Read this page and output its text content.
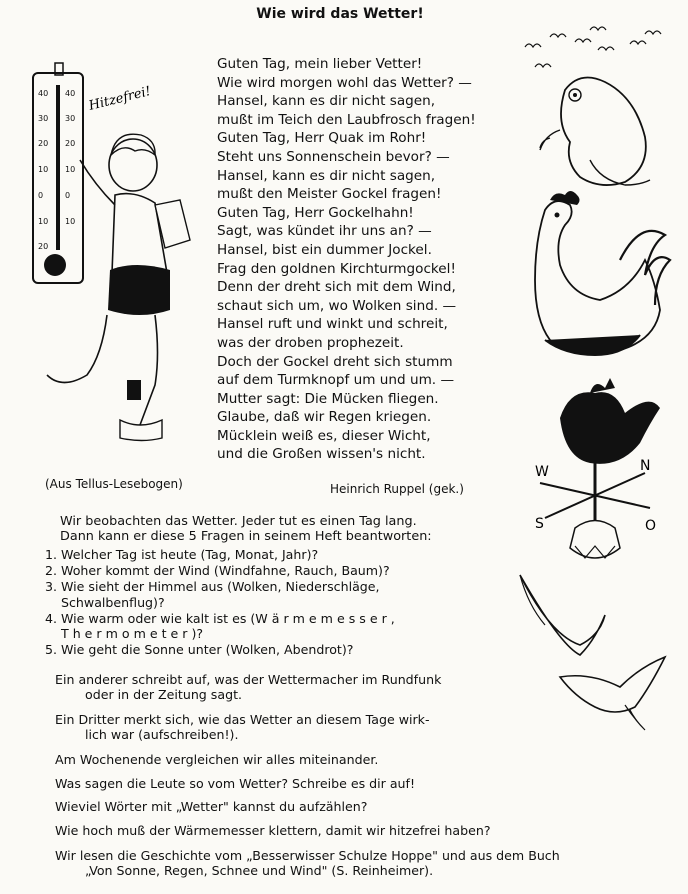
Wie wird das Wetter!
40 40
30 30
20 20
10 10
0	0
10 10
20
Hitzefrei!
Guten Tag, mein lieber Vetter!
Wie wird morgen wohl das Wetter? —
Hansel, kann es dir nicht sagen,
mußt im Teich den Laubfrosch fragen!
Guten Tag, Herr Quak im Rohr!
Steht uns Sonnenschein bevor? —
Hansel, kann es dir nicht sagen,
mußt den Meister Gockel fragen!
Guten Tag, Herr Gockelhahn!
Sagt, was kündet ihr uns an? —
Hansel, bist ein dummer Jockel.
Frag den goldnen Kirchturmgockel!
Denn der dreht sich mit dem Wind,
schaut sich um, wo Wolken sind. —
Hansel ruft und winkt und schreit,
was der droben prophezeit.
Doch der Gockel dreht sich stumm
auf dem Turmknopf um und um. —
Mutter sagt: Die Mücken fliegen.
Glaube, daß wir Regen kriegen.
Mücklein weiß es, dieser Wicht,
und die Großen wissen's nicht.
W	N
S	O
(Aus Tellus-Lesebogen)	Heinrich Ruppel (gek.)
Wir beobachten das Wetter. Jeder tut es einen Tag lang.
Dann kann er diese 5 Fragen in seinem Heft beantworten:
1. Welcher Tag ist heute (Tag, Monat, Jahr)?
2. Woher kommt der Wind (Windfahne, Rauch, Baum)?
3. Wie sieht der Himmel aus (Wolken, Niederschläge,
Schwalbenflug)?
4. Wie warm oder wie kalt ist es (W ä r m e m e s s e r ,
T h e r m o m e t e r )?
5. Wie geht die Sonne unter (Wolken, Abendrot)?
Ein anderer schreibt auf, was der Wettermacher im Rundfunk
oder in der Zeitung sagt.
Ein Dritter merkt sich, wie das Wetter an diesem Tage wirk-
lich war (aufschreiben!).
Am Wochenende vergleichen wir alles miteinander.
Was sagen die Leute so vom Wetter? Schreibe es dir auf!
Wieviel Wörter mit „Wetter" kannst du aufzählen?
Wie hoch muß der Wärmemesser klettern, damit wir hitzefrei haben?
Wir lesen die Geschichte vom „Besserwisser Schulze Hoppe" und aus dem Buch
„Von Sonne, Regen, Schnee und Wind" (S. Reinheimer).
